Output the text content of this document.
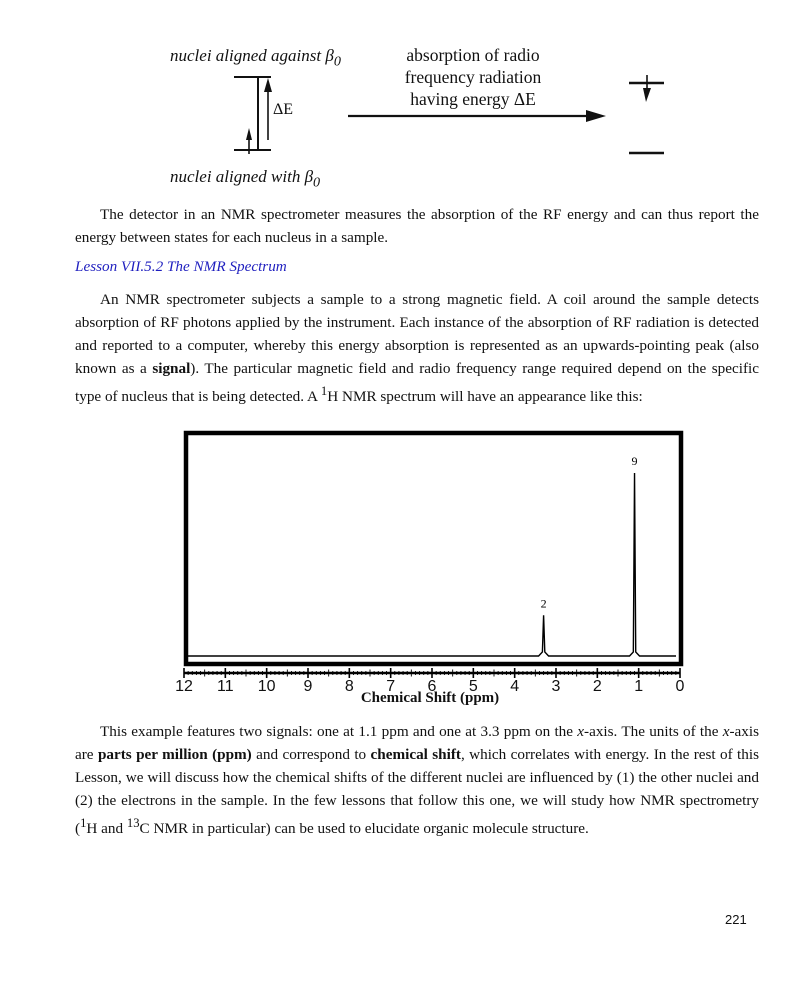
nuclei aligned against $\beta_0$
nuclei aligned with $\beta_0$
ΔE
absorption of radio
frequency radiation
having energy ΔE

The detector in an NMR spectrometer measures the absorption of the RF energy and can thus report the energy between states for each nucleus in a sample.

Lesson VII.5.2 The NMR Spectrum

An NMR spectrometer subjects a sample to a strong magnetic field. A coil around the sample detects absorption of RF photons applied by the instrument. Each instance of the absorption of RF radiation is detected and reported to a computer, whereby this energy absorption is represented as an upwards-pointing peak (also known as a signal). The particular magnetic field and radio frequency range required depend on the specific type of nucleus that is being detected. A $^1$H NMR spectrum will have an appearance like this:

2
9
12 11 10 9 8 7 6 5 4 3 2 1 0
Chemical Shift (ppm)

This example features two signals: one at 1.1 ppm and one at 3.3 ppm on the x-axis. The units of the x-axis are parts per million (ppm) and correspond to chemical shift, which correlates with energy. In the rest of this Lesson, we will discuss how the chemical shifts of the different nuclei are influenced by (1) the other nuclei and (2) the electrons in the sample. In the few lessons that follow this one, we will study how NMR spectrometry ($^1$H and $^{13}$C NMR in particular) can be used to elucidate organic molecule structure.

221
